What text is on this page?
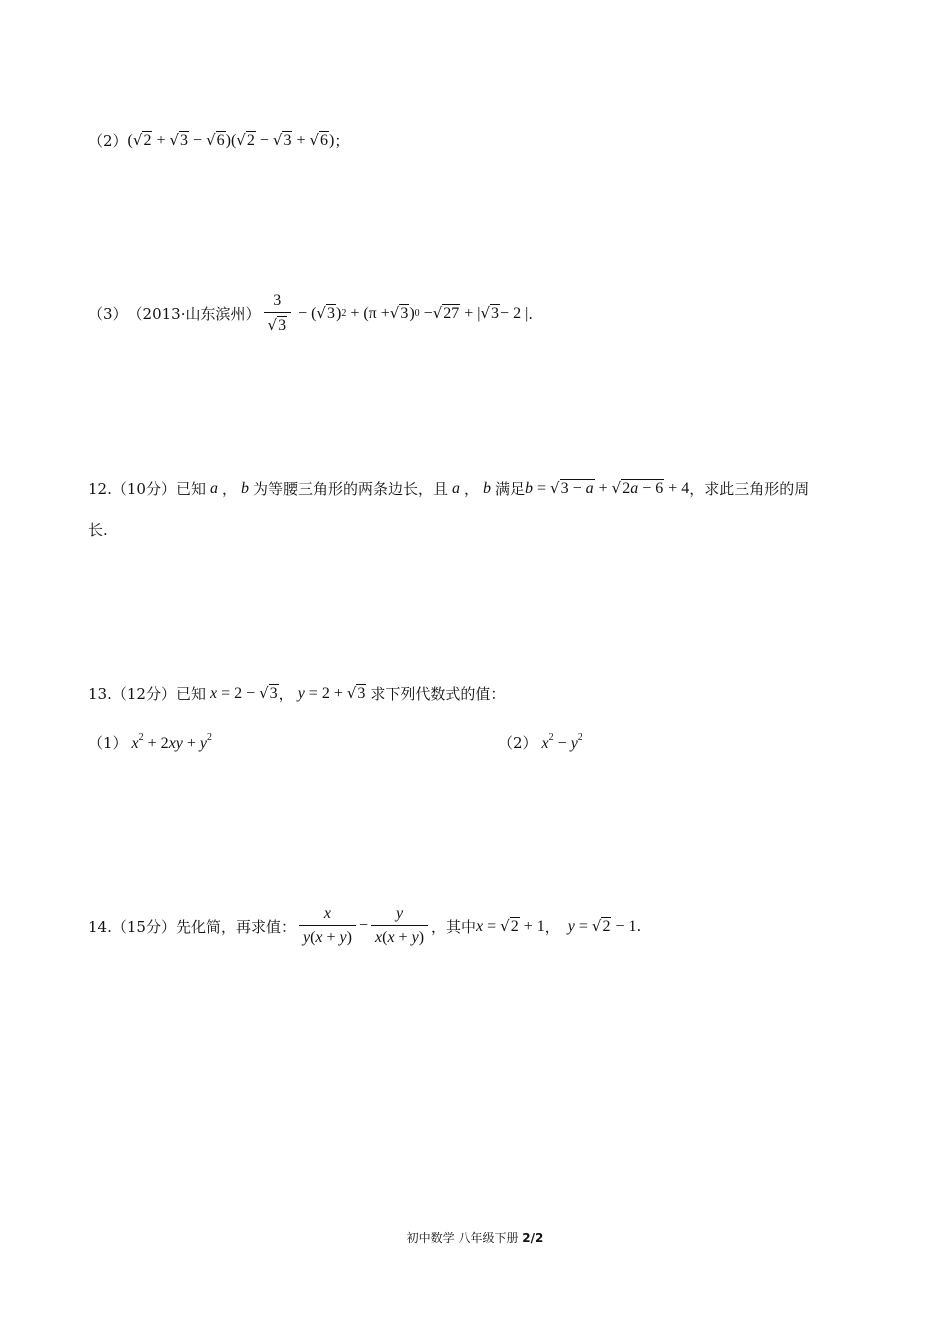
（2） (√2 + √3 − √6)(√2 − √3 + √6) ；
（3） （2013·山东滨州） $\frac{3}{√3}$ − ( √3 ) 2 + (π + √3 ) 0 − √27 + | √3 − 2 | .
12.（10分）已知 a ， b 为等腰三角形的两条边长，且 a ， b 满足 b = √3 − a + √2a − 6 + 4 ，求此三角形的周
长.
13.（12分）已知 x = 2 − √3 ， y = 2 + √3 求下列代数式的值：
（1） $x^2 + 2xy + y^2$	（2） $x^2 - y^2$
14.（15分）先化简，再求值： $\frac{x}{y(x + y)} - \frac{y}{x(x + y)}$ ，其中 x = √2 + 1 ， y = √2 − 1 .
初中数学 八年级下册 2/2
